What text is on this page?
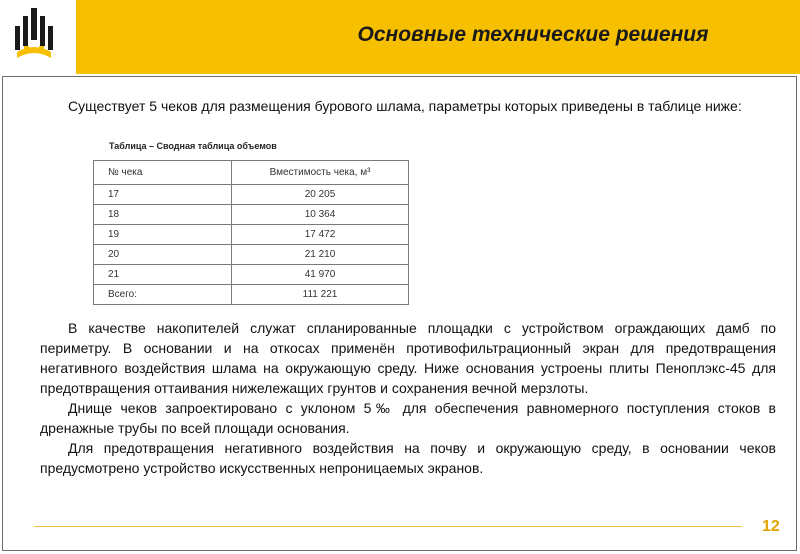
Основные технические решения
Существует 5 чеков для размещения бурового шлама, параметры которых приведены в таблице ниже:
Таблица – Сводная таблица объемов
№ чека	Вместимость чека, м³
17	20 205
18	10 364
19	17 472
20	21 210
21	41 970
Всего:	111 221

В качестве накопителей служат спланированные площадки с устройством ограждающих дамб по периметру. В основании и на откосах применён противофильтрационный экран для предотвращения негативного воздействия шлама на окружающую среду. Ниже основания устроены плиты Пеноплэкс-45 для предотвращения оттаивания нижележащих грунтов и сохранения вечной мерзлоты.

Днище чеков запроектировано с уклоном 5‰ для обеспечения равномерного поступления стоков в дренажные трубы по всей площади основания.

Для предотвращения негативного воздействия на почву и окружающую среду, в основании чеков предусмотрено устройство искусственных непроницаемых экранов.

12
